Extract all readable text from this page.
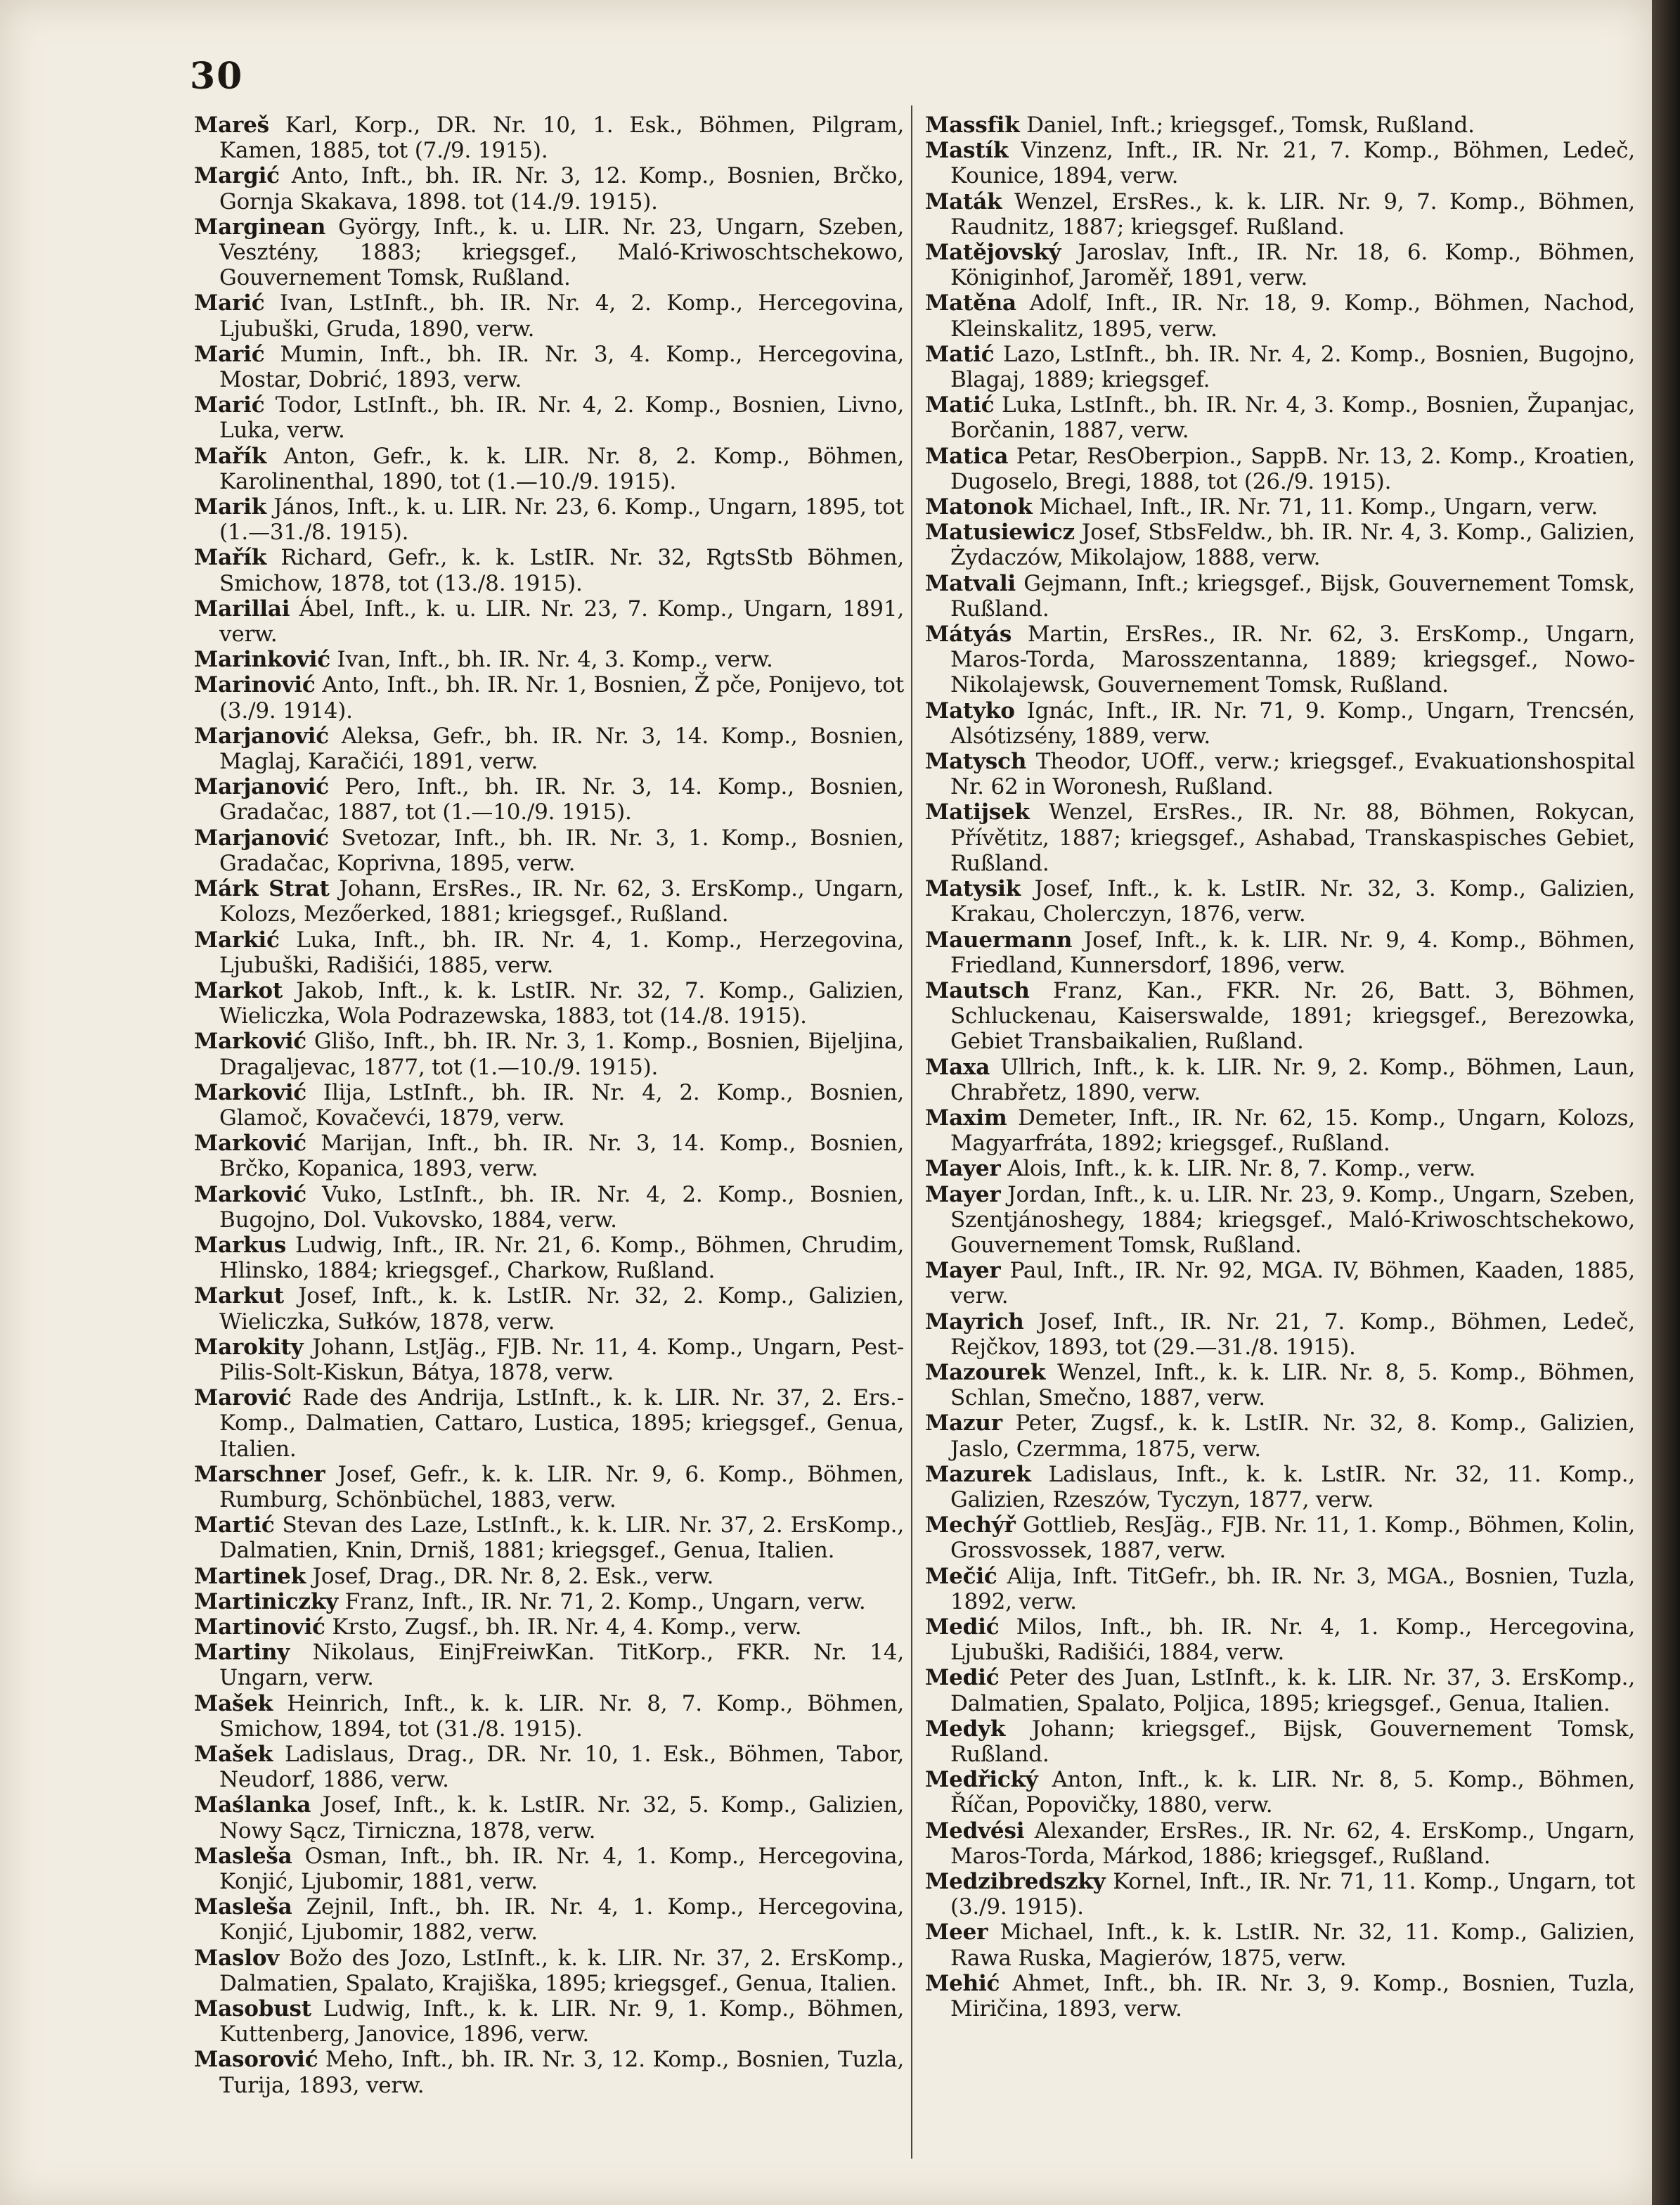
30

Mareš Karl, Korp., DR. Nr. 10, 1. Esk., Böhmen, Pilgram, Kamen, 1885, tot (7./9. 1915).

Margić Anto, Inft., bh. IR. Nr. 3, 12. Komp., Bosnien, Brčko, Gornja Skakava, 1898. tot (14./9. 1915).

Marginean György, Inft., k. u. LIR. Nr. 23, Ungarn, Szeben, Vesztény, 1883; kriegsgef., Maló-Kriwoschtschekowo, Gouvernement Tomsk, Rußland.

Marić Ivan, LstInft., bh. IR. Nr. 4, 2. Komp., Hercegovina, Ljubuški, Gruda, 1890, verw.

Marić Mumin, Inft., bh. IR. Nr. 3, 4. Komp., Hercegovina, Mostar, Dobrić, 1893, verw.

Marić Todor, LstInft., bh. IR. Nr. 4, 2. Komp., Bosnien, Livno, Luka, verw.

Mařík Anton, Gefr., k. k. LIR. Nr. 8, 2. Komp., Böhmen, Karolinenthal, 1890, tot (1.—10./9. 1915).

Marik János, Inft., k. u. LIR. Nr. 23, 6. Komp., Ungarn, 1895, tot (1.—31./8. 1915).

Mařík Richard, Gefr., k. k. LstIR. Nr. 32, RgtsStb Böhmen, Smichow, 1878, tot (13./8. 1915).

Marillai Ábel, Inft., k. u. LIR. Nr. 23, 7. Komp., Ungarn, 1891, verw.

Marinković Ivan, Inft., bh. IR. Nr. 4, 3. Komp., verw.

Marinović Anto, Inft., bh. IR. Nr. 1, Bosnien, Ž pče, Ponijevo, tot (3./9. 1914).

Marjanović Aleksa, Gefr., bh. IR. Nr. 3, 14. Komp., Bosnien, Maglaj, Karačići, 1891, verw.

Marjanović Pero, Inft., bh. IR. Nr. 3, 14. Komp., Bosnien, Gradačac, 1887, tot (1.—10./9. 1915).

Marjanović Svetozar, Inft., bh. IR. Nr. 3, 1. Komp., Bosnien, Gradačac, Koprivna, 1895, verw.

Márk Strat Johann, ErsRes., IR. Nr. 62, 3. ErsKomp., Ungarn, Kolozs, Mezőerked, 1881; kriegsgef., Rußland.

Markić Luka, Inft., bh. IR. Nr. 4, 1. Komp., Herzegovina, Ljubuški, Radišići, 1885, verw.

Markot Jakob, Inft., k. k. LstIR. Nr. 32, 7. Komp., Galizien, Wieliczka, Wola Podrazewska, 1883, tot (14./8. 1915).

Marković Glišo, Inft., bh. IR. Nr. 3, 1. Komp., Bosnien, Bijeljina, Dragaljevac, 1877, tot (1.—10./9. 1915).

Marković Ilija, LstInft., bh. IR. Nr. 4, 2. Komp., Bosnien, Glamoč, Kovačevći, 1879, verw.

Marković Marijan, Inft., bh. IR. Nr. 3, 14. Komp., Bosnien, Brčko, Kopanica, 1893, verw.

Marković Vuko, LstInft., bh. IR. Nr. 4, 2. Komp., Bosnien, Bugojno, Dol. Vukovsko, 1884, verw.

Markus Ludwig, Inft., IR. Nr. 21, 6. Komp., Böhmen, Chrudim, Hlinsko, 1884; kriegsgef., Charkow, Rußland.

Markut Josef, Inft., k. k. LstIR. Nr. 32, 2. Komp., Galizien, Wieliczka, Sułków, 1878, verw.

Marokity Johann, LstJäg., FJB. Nr. 11, 4. Komp., Ungarn, Pest-Pilis-Solt-Kiskun, Bátya, 1878, verw.

Marović Rade des Andrija, LstInft., k. k. LIR. Nr. 37, 2. Ers.-Komp., Dalmatien, Cattaro, Lustica, 1895; kriegsgef., Genua, Italien.

Marschner Josef, Gefr., k. k. LIR. Nr. 9, 6. Komp., Böhmen, Rumburg, Schönbüchel, 1883, verw.

Martić Stevan des Laze, LstInft., k. k. LIR. Nr. 37, 2. ErsKomp., Dalmatien, Knin, Drniš, 1881; kriegsgef., Genua, Italien.

Martinek Josef, Drag., DR. Nr. 8, 2. Esk., verw.

Martiniczky Franz, Inft., IR. Nr. 71, 2. Komp., Ungarn, verw.

Martinović Krsto, Zugsf., bh. IR. Nr. 4, 4. Komp., verw.

Martiny Nikolaus, EinjFreiwKan. TitKorp., FKR. Nr. 14, Ungarn, verw.

Mašek Heinrich, Inft., k. k. LIR. Nr. 8, 7. Komp., Böhmen, Smichow, 1894, tot (31./8. 1915).

Mašek Ladislaus, Drag., DR. Nr. 10, 1. Esk., Böhmen, Tabor, Neudorf, 1886, verw.

Maślanka Josef, Inft., k. k. LstIR. Nr. 32, 5. Komp., Galizien, Nowy Sącz, Tirniczna, 1878, verw.

Maslešа Osman, Inft., bh. IR. Nr. 4, 1. Komp., Hercegovina, Konjić, Ljubomir, 1881, verw.

Maslešа Zejnil, Inft., bh. IR. Nr. 4, 1. Komp., Hercegovina, Konjić, Ljubomir, 1882, verw.

Maslov Božo des Jozo, LstInft., k. k. LIR. Nr. 37, 2. ErsKomp., Dalmatien, Spalato, Krajiška, 1895; kriegsgef., Genua, Italien.

Masobust Ludwig, Inft., k. k. LIR. Nr. 9, 1. Komp., Böhmen, Kuttenberg, Janovice, 1896, verw.

Masorović Meho, Inft., bh. IR. Nr. 3, 12. Komp., Bosnien, Tuzla, Turija, 1893, verw.

Massfik Daniel, Inft.; kriegsgef., Tomsk, Rußland.

Mastík Vinzenz, Inft., IR. Nr. 21, 7. Komp., Böhmen, Ledeč, Kounice, 1894, verw.

Maták Wenzel, ErsRes., k. k. LIR. Nr. 9, 7. Komp., Böhmen, Raudnitz, 1887; kriegsgef. Rußland.

Matějovský Jaroslav, Inft., IR. Nr. 18, 6. Komp., Böhmen, Königinhof, Jaroměř, 1891, verw.

Matěna Adolf, Inft., IR. Nr. 18, 9. Komp., Böhmen, Nachod, Kleinskalitz, 1895, verw.

Matić Lazo, LstInft., bh. IR. Nr. 4, 2. Komp., Bosnien, Bugojno, Blagaj, 1889; kriegsgef.

Matić Luka, LstInft., bh. IR. Nr. 4, 3. Komp., Bosnien, Županjac, Borčanin, 1887, verw.

Matica Petar, ResOberpion., SappB. Nr. 13, 2. Komp., Kroatien, Dugoselo, Bregi, 1888, tot (26./9. 1915).

Matonok Michael, Inft., IR. Nr. 71, 11. Komp., Ungarn, verw.

Matusiewicz Josef, StbsFeldw., bh. IR. Nr. 4, 3. Komp., Galizien, Żydaczów, Mikolajow, 1888, verw.

Matvali Gejmann, Inft.; kriegsgef., Bijsk, Gouvernement Tomsk, Rußland.

Mátyás Martin, ErsRes., IR. Nr. 62, 3. ErsKomp., Ungarn, Maros-Torda, Marosszentanna, 1889; kriegsgef., Nowo-Nikolajewsk, Gouvernement Tomsk, Rußland.

Matyko Ignác, Inft., IR. Nr. 71, 9. Komp., Ungarn, Trencsén, Alsótizsény, 1889, verw.

Matysch Theodor, UOff., verw.; kriegsgef., Evakuationshospital Nr. 62 in Woronesh, Rußland.

Matijsek Wenzel, ErsRes., IR. Nr. 88, Böhmen, Rokycan, Přívětitz, 1887; kriegsgef., Ashabad, Transkaspisches Gebiet, Rußland.

Matysik Josef, Inft., k. k. LstIR. Nr. 32, 3. Komp., Galizien, Krakau, Cholerczyn, 1876, verw.

Mauermann Josef, Inft., k. k. LIR. Nr. 9, 4. Komp., Böhmen, Friedland, Kunnersdorf, 1896, verw.

Mautsch Franz, Kan., FKR. Nr. 26, Batt. 3, Böhmen, Schluckenau, Kaiserswalde, 1891; kriegsgef., Berezowka, Gebiet Transbaikalien, Rußland.

Maxa Ullrich, Inft., k. k. LIR. Nr. 9, 2. Komp., Böhmen, Laun, Chrabřetz, 1890, verw.

Maxim Demeter, Inft., IR. Nr. 62, 15. Komp., Ungarn, Kolozs, Magyarfráta, 1892; kriegsgef., Rußland.

Mayer Alois, Inft., k. k. LIR. Nr. 8, 7. Komp., verw.

Mayer Jordan, Inft., k. u. LIR. Nr. 23, 9. Komp., Ungarn, Szeben, Szentjánoshegy, 1884; kriegsgef., Maló-Kriwoschtschekowo, Gouvernement Tomsk, Rußland.

Mayer Paul, Inft., IR. Nr. 92, MGA. IV, Böhmen, Kaaden, 1885, verw.

Mayrich Josef, Inft., IR. Nr. 21, 7. Komp., Böhmen, Ledeč, Rejčkov, 1893, tot (29.—31./8. 1915).

Mazourek Wenzel, Inft., k. k. LIR. Nr. 8, 5. Komp., Böhmen, Schlan, Smečno, 1887, verw.

Mazur Peter, Zugsf., k. k. LstIR. Nr. 32, 8. Komp., Galizien, Jaslo, Czermma, 1875, verw.

Mazurek Ladislaus, Inft., k. k. LstIR. Nr. 32, 11. Komp., Galizien, Rzeszów, Tyczyn, 1877, verw.

Mechýř Gottlieb, ResJäg., FJB. Nr. 11, 1. Komp., Böhmen, Kolin, Grossvossek, 1887, verw.

Mečić Alija, Inft. TitGefr., bh. IR. Nr. 3, MGA., Bosnien, Tuzla, 1892, verw.

Medić Milos, Inft., bh. IR. Nr. 4, 1. Komp., Hercegovina, Ljubuški, Radišići, 1884, verw.

Medić Peter des Juan, LstInft., k. k. LIR. Nr. 37, 3. ErsKomp., Dalmatien, Spalato, Poljica, 1895; kriegsgef., Genua, Italien.

Medyk Johann; kriegsgef., Bijsk, Gouvernement Tomsk, Rußland.

Medřický Anton, Inft., k. k. LIR. Nr. 8, 5. Komp., Böhmen, Říčan, Popovičky, 1880, verw.

Medvési Alexander, ErsRes., IR. Nr. 62, 4. ErsKomp., Ungarn, Maros-Torda, Márkod, 1886; kriegsgef., Rußland.

Medzibredszky Kornel, Inft., IR. Nr. 71, 11. Komp., Ungarn, tot (3./9. 1915).

Meer Michael, Inft., k. k. LstIR. Nr. 32, 11. Komp., Galizien, Rawa Ruska, Magierów, 1875, verw.

Mehić Ahmet, Inft., bh. IR. Nr. 3, 9. Komp., Bosnien, Tuzla, Miričina, 1893, verw.
